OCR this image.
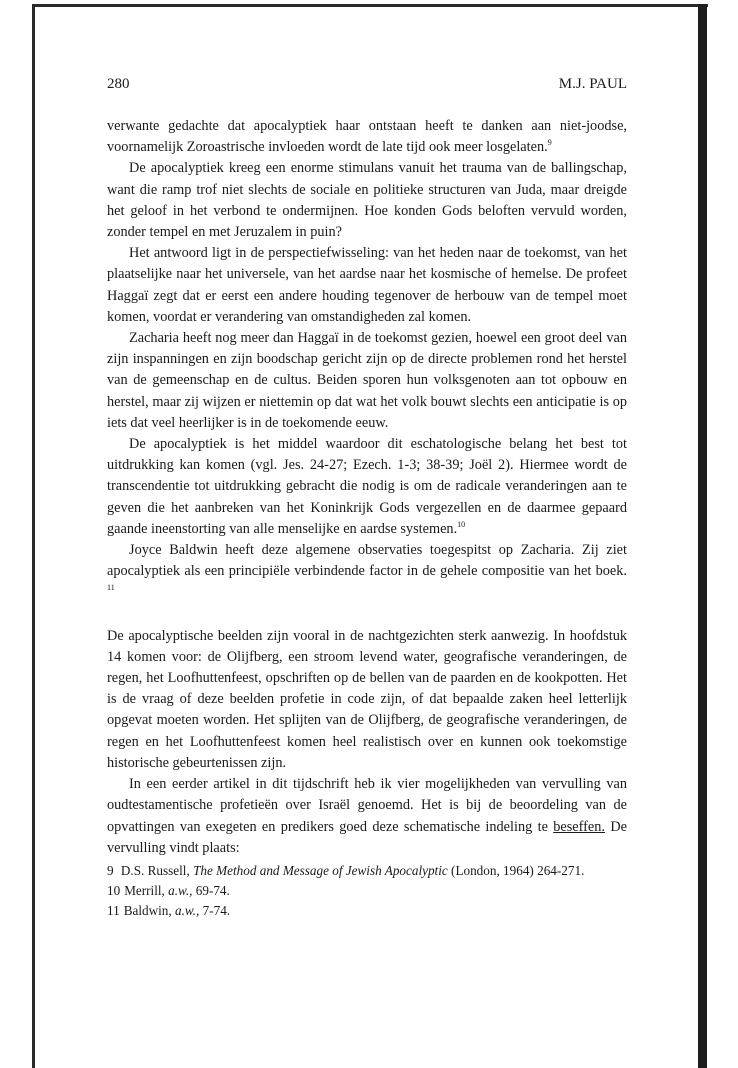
280	M.J. PAUL

verwante gedachte dat apocalyptiek haar ontstaan heeft te danken aan niet-joodse, voornamelijk Zoroastrische invloeden wordt de late tijd ook meer losgelaten.$^9$

De apocalyptiek kreeg een enorme stimulans vanuit het trauma van de ballingschap, want die ramp trof niet slechts de sociale en politieke structuren van Juda, maar dreigde het geloof in het verbond te ondermijnen. Hoe konden Gods beloften vervuld worden, zonder tempel en met Jeruzalem in puin?

Het antwoord ligt in de perspectiefwisseling: van het heden naar de toekomst, van het plaatselijke naar het universele, van het aardse naar het kosmische of hemelse. De profeet Haggaï zegt dat er eerst een andere houding tegenover de herbouw van de tempel moet komen, voordat er verandering van omstandigheden zal komen.

Zacharia heeft nog meer dan Haggaï in de toekomst gezien, hoewel een groot deel van zijn inspanningen en zijn boodschap gericht zijn op de directe problemen rond het herstel van de gemeenschap en de cultus. Beiden sporen hun volksgenoten aan tot opbouw en herstel, maar zij wijzen er niettemin op dat wat het volk bouwt slechts een anticipatie is op iets dat veel heerlijker is in de toekomende eeuw.

De apocalyptiek is het middel waardoor dit eschatologische belang het best tot uitdrukking kan komen (vgl. Jes. 24-27; Ezech. 1-3; 38-39; Joël 2). Hiermee wordt de transcendentie tot uitdrukking gebracht die nodig is om de radicale veranderingen aan te geven die het aanbreken van het Koninkrijk Gods vergezellen en de daarmee gepaard gaande ineenstorting van alle menselijke en aardse systemen.$^{10}$

Joyce Baldwin heeft deze algemene observaties toegespitst op Zacharia. Zij ziet apocalyptiek als een principiële verbindende factor in de gehele compositie van het boek. $^{11}$

De apocalyptische beelden zijn vooral in de nachtgezichten sterk aanwezig. In hoofdstuk 14 komen voor: de Olijfberg, een stroom levend water, geografische veranderingen, de regen, het Loofhuttenfeest, opschriften op de bellen van de paarden en de kookpotten. Het is de vraag of deze beelden profetie in code zijn, of dat bepaalde zaken heel letterlijk opgevat moeten worden. Het splijten van de Olijfberg, de geografische veranderingen, de regen en het Loofhuttenfeest komen heel realistisch over en kunnen ook toekomstige historische gebeurtenissen zijn.

In een eerder artikel in dit tijdschrift heb ik vier mogelijkheden van vervulling van oudtestamentische profetieën over Israël genoemd. Het is bij de beoordeling van de opvattingen van exegeten en predikers goed deze schematische indeling te beseffen. De vervulling vindt plaats:

9 D.S. Russell, The Method and Message of Jewish Apocalyptic (London, 1964) 264-271.
10 Merrill, a.w., 69-74.
11 Baldwin, a.w., 7-74.
